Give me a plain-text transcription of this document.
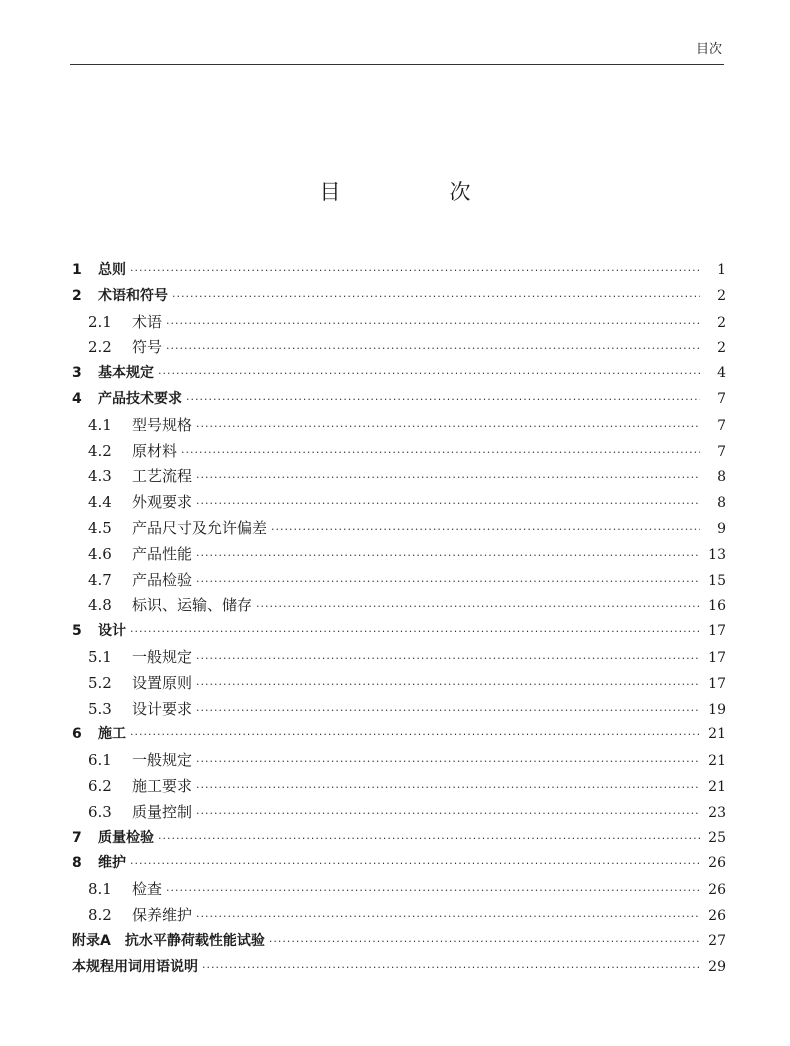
目次
目　次
1	总则 ·····	1
2	术语和符号 ·····	2
2.1	术语 ·····	2
2.2	符号 ·····	2
3	基本规定 ·····	4
4	产品技术要求 ·····	7
4.1	型号规格 ·····	7
4.2	原材料 ·····	7
4.3	工艺流程 ·····	8
4.4	外观要求 ·····	8
4.5	产品尺寸及允许偏差 ·····	9
4.6	产品性能 ·····	13
4.7	产品检验 ·····	15
4.8	标识、运输、储存 ·····	16
5	设计 ·····	17
5.1	一般规定 ·····	17
5.2	设置原则 ·····	17
5.3	设计要求 ·····	19
6	施工 ·····	21
6.1	一般规定 ·····	21
6.2	施工要求 ·····	21
6.3	质量控制 ·····	23
7	质量检验 ·····	25
8	维护 ·····	26
8.1	检查 ·····	26
8.2	保养维护 ·····	26
附录A　抗水平静荷载性能试验 ·····	27
本规程用词用语说明 ·····	29
